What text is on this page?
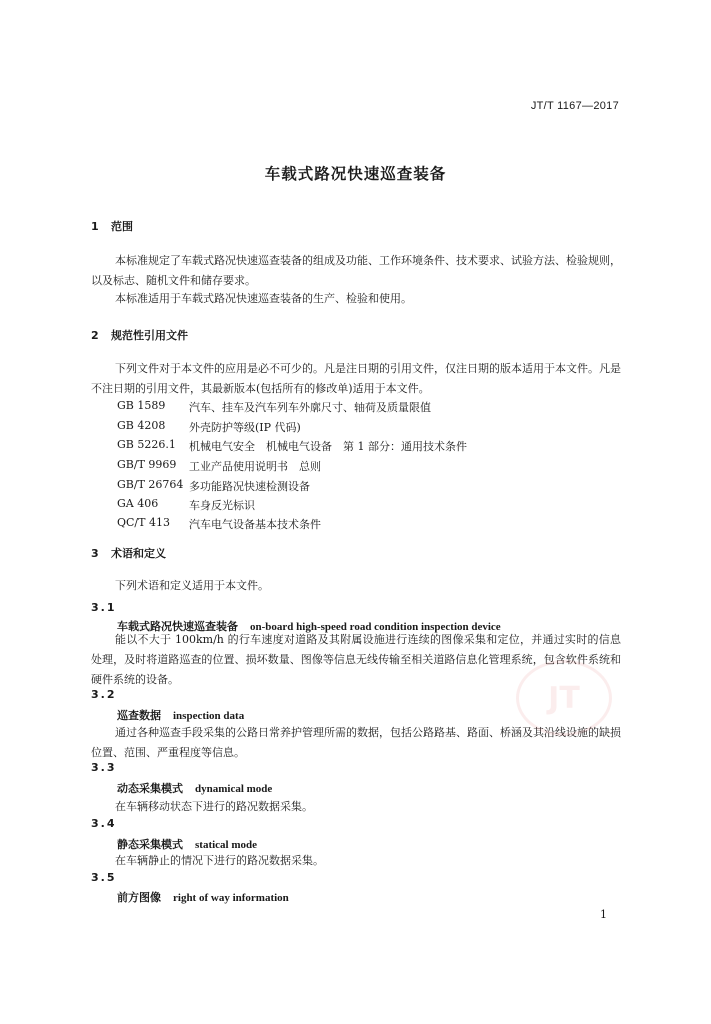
JT/T 1167—2017
车载式路况快速巡查装备
1 范围
本标准规定了车载式路况快速巡查装备的组成及功能、工作环境条件、技术要求、试验方法、检验规则，以及标志、随机文件和储存要求。
本标准适用于车载式路况快速巡查装备的生产、检验和使用。
2 规范性引用文件
下列文件对于本文件的应用是必不可少的。凡是注日期的引用文件，仅注日期的版本适用于本文件。凡是不注日期的引用文件，其最新版本(包括所有的修改单)适用于本文件。
GB 1589 汽车、挂车及汽车列车外廓尺寸、轴荷及质量限值
GB 4208 外壳防护等级(IP 代码)
GB 5226.1 机械电气安全　机械电气设备　第 1 部分：通用技术条件
GB/T 9969 工业产品使用说明书　总则
GB/T 26764 多功能路况快速检测设备
GA 406	车身反光标识
QC/T 413 汽车电气设备基本技术条件
3 术语和定义
下列术语和定义适用于本文件。
3.1
车载式路况快速巡查装备 on-board high-speed road condition inspection device
能以不大于 100km/h 的行车速度对道路及其附属设施进行连续的图像采集和定位，并通过实时的信息处理，及时将道路巡查的位置、损坏数量、图像等信息无线传输至相关道路信息化管理系统，包含软件系统和硬件系统的设备。
3.2
巡查数据 inspection data
通过各种巡查手段采集的公路日常养护管理所需的数据，包括公路路基、路面、桥涵及其沿线设施的缺损位置、范围、严重程度等信息。
3.3
动态采集模式 dynamical mode
在车辆移动状态下进行的路况数据采集。
3.4
静态采集模式 statical mode
在车辆静止的情况下进行的路况数据采集。
3.5
前方图像 right of way information
JT
1
